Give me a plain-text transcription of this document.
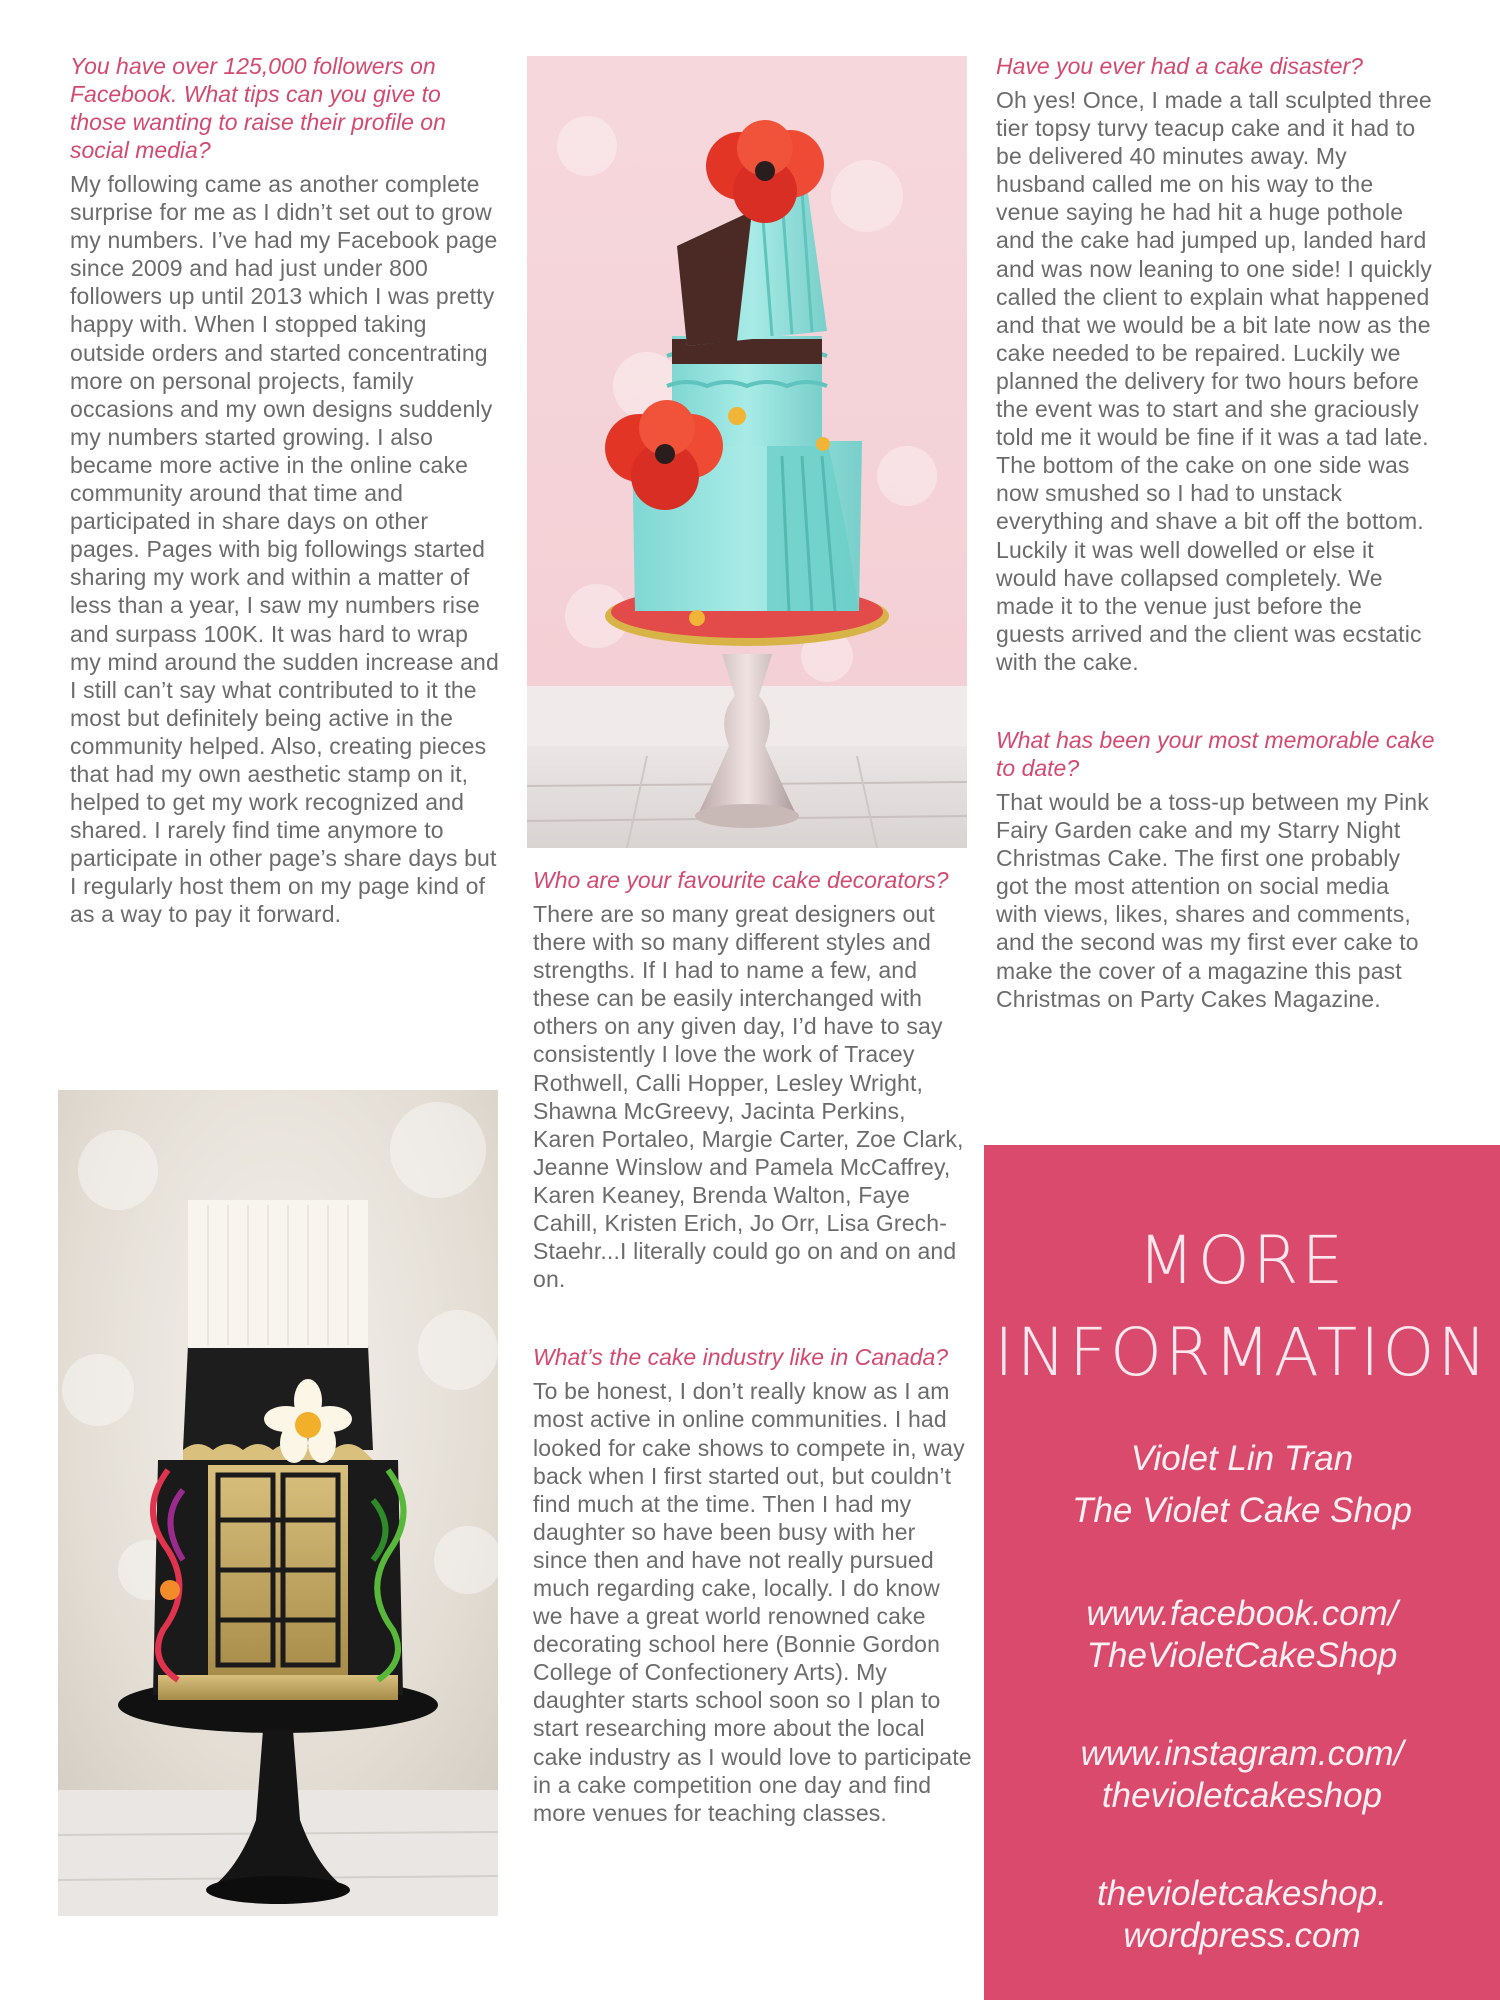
You have over 125,000 followers on Facebook. What tips can you give to those wanting to raise their profile on social media?

My following came as another complete surprise for me as I didn’t set out to grow my numbers. I’ve had my Facebook page since 2009 and had just under 800 followers up until 2013 which I was pretty happy with. When I stopped taking outside orders and started concentrating more on personal projects, family occasions and my own designs suddenly my numbers started growing. I also became more active in the online cake community around that time and participated in share days on other pages. Pages with big followings started sharing my work and within a matter of less than a year, I saw my numbers rise and surpass 100K. It was hard to wrap my mind around the sudden increase and I still can’t say what contributed to it the most but definitely being active in the community helped. Also, creating pieces that had my own aesthetic stamp on it, helped to get my work recognized and shared. I rarely find time anymore to participate in other page’s share days but I regularly host them on my page kind of as a way to pay it forward.

Who are your favourite cake decorators?

There are so many great designers out there with so many different styles and strengths. If I had to name a few, and these can be easily interchanged with others on any given day, I’d have to say consistently I love the work of Tracey Rothwell, Calli Hopper, Lesley Wright, Shawna McGreevy, Jacinta Perkins, Karen Portaleo, Margie Carter, Zoe Clark, Jeanne Winslow and Pamela McCaffrey, Karen Keaney, Brenda Walton, Faye Cahill, Kristen Erich, Jo Orr, Lisa Grech-Staehr...I literally could go on and on and on.

What’s the cake industry like in Canada?

To be honest, I don’t really know as I am most active in online communities. I had looked for cake shows to compete in, way back when I first started out, but couldn’t find much at the time. Then I had my daughter so have been busy with her since then and have not really pursued much regarding cake, locally. I do know we have a great world renowned cake decorating school here (Bonnie Gordon College of Confectionery Arts). My daughter starts school soon so I plan to start researching more about the local cake industry as I would love to participate in a cake competition one day and find more venues for teaching classes.

Have you ever had a cake disaster?

Oh yes! Once, I made a tall sculpted three tier topsy turvy teacup cake and it had to be delivered 40 minutes away. My husband called me on his way to the venue saying he had hit a huge pothole and the cake had jumped up, landed hard and was now leaning to one side! I quickly called the client to explain what happened and that we would be a bit late now as the cake needed to be repaired. Luckily we planned the delivery for two hours before the event was to start and she graciously told me it would be fine if it was a tad late. The bottom of the cake on one side was now smushed so I had to unstack everything and shave a bit off the bottom. Luckily it was well dowelled or else it would have collapsed completely. We made it to the venue just before the guests arrived and the client was ecstatic with the cake.

What has been your most memorable cake to date?

That would be a toss-up between my Pink Fairy Garden cake and my Starry Night Christmas Cake. The first one probably got the most attention on social media with views, likes, shares and comments, and the second was my first ever cake to make the cover of a magazine this past Christmas on Party Cakes Magazine.

MORE
INFORMATION

Violet Lin Tran

The Violet Cake Shop

www.facebook.com/

TheVioletCakeShop

www.instagram.com/

thevioletcakeshop

thevioletcakeshop.

wordpress.com
